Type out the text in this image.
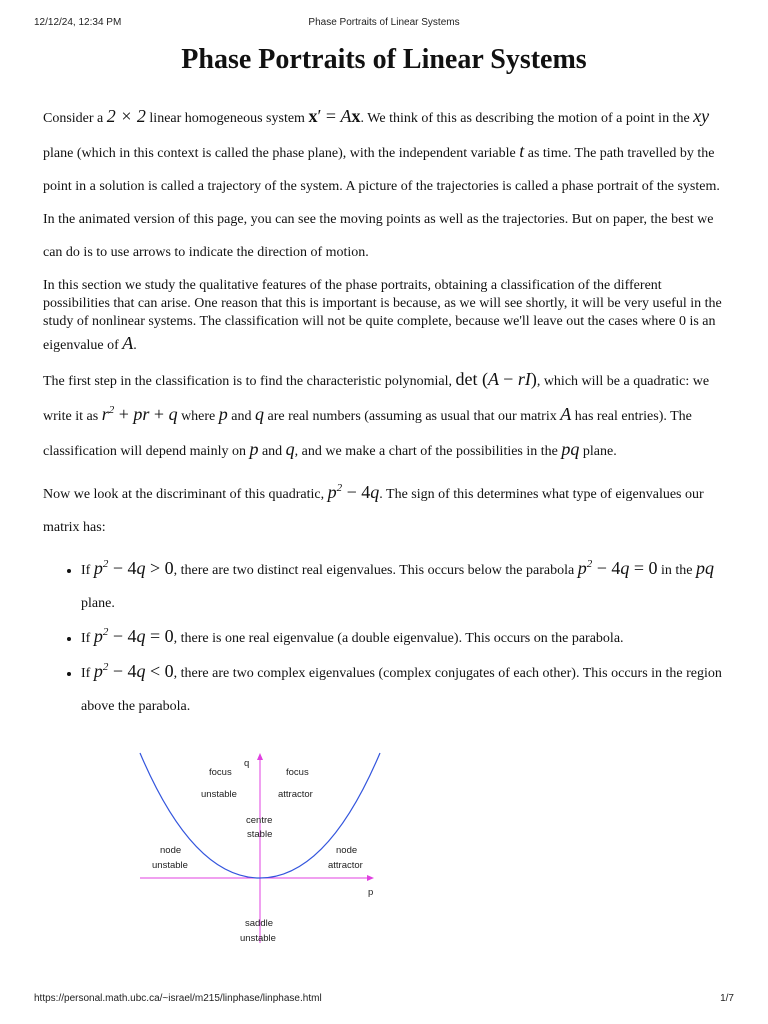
12/12/24, 12:34 PM	Phase Portraits of Linear Systems
Phase Portraits of Linear Systems

Consider a 2 × 2 linear homogeneous system x′ = Ax. We think of this as describing the motion of a point in the xy plane (which in this context is called the phase plane), with the independent variable t as time. The path travelled by the point in a solution is called a trajectory of the system. A picture of the trajectories is called a phase portrait of the system. In the animated version of this page, you can see the moving points as well as the trajectories. But on paper, the best we can do is to use arrows to indicate the direction of motion.

In this section we study the qualitative features of the phase portraits, obtaining a classification of the different possibilities that can arise. One reason that this is important is because, as we will see shortly, it will be very useful in the study of nonlinear systems. The classification will not be quite complete, because we'll leave out the cases where 0 is an eigenvalue of A.

The first step in the classification is to find the characteristic polynomial, det (A − rI), which will be a quadratic: we write it as $r^2$ + pr + q where p and q are real numbers (assuming as usual that our matrix A has real entries). The classification will depend mainly on p and q, and we make a chart of the possibilities in the pq plane.

Now we look at the discriminant of this quadratic, $p^2 - 4q$. The sign of this determines what type of eigenvalues our matrix has:

• If $p^2 - 4q > 0$, there are two distinct real eigenvalues. This occurs below the parabola $p^2 - 4q = 0$ in the pq plane.
• If $p^2 - 4q = 0$, there is one real eigenvalue (a double eigenvalue). This occurs on the parabola.
• If $p^2 - 4q < 0$, there are two complex eigenvalues (complex conjugates of each other). This occurs in the region above the parabola.
q
p
focus
unstable
focus
attractor
centre
stable
node
unstable
node
attractor
saddle
unstable
https://personal.math.ubc.ca/~israel/m215/linphase/linphase.html	1/7
